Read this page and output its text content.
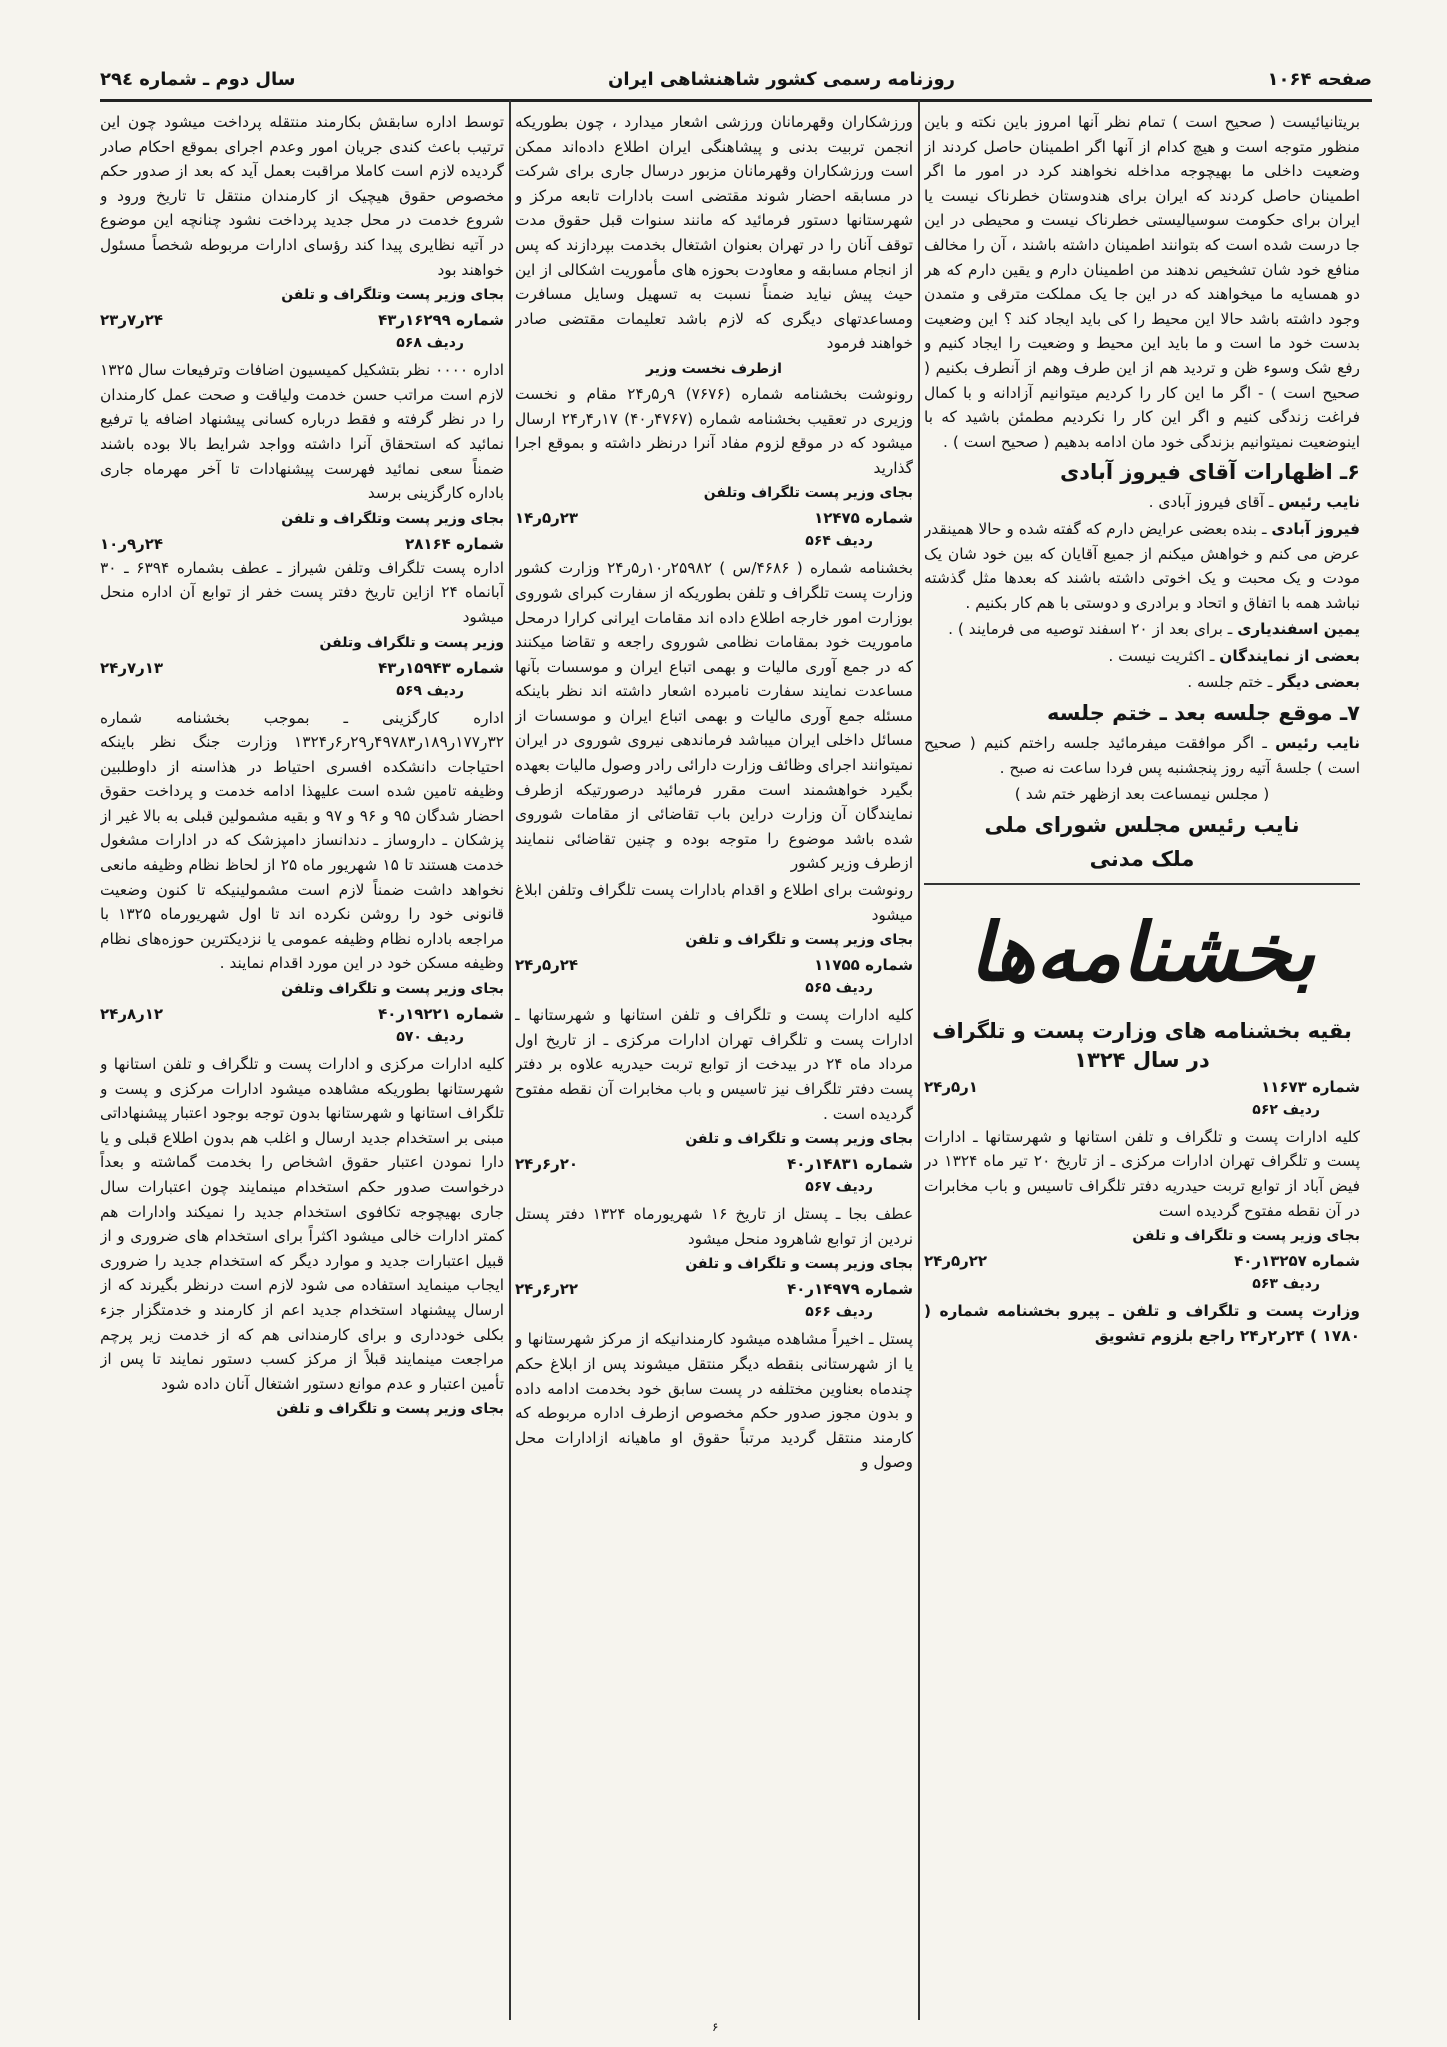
صفحه ۱۰۶۴
روزنامه رسمی کشور شاهنشاهی ایران
سال دوم ـ شماره ۲۹٤

بریتانیائیست ( صحیح است ) تمام نظر آنها امروز باین نکته و باین منظور متوجه است و هیچ کدام از آنها اگر اطمینان حاصل کردند از وضعیت داخلی ما بهیچوجه مداخله نخواهند کرد در امور ما اگر اطمینان حاصل کردند که ایران برای هندوستان خطرناک نیست یا ایران برای حکومت سوسیالیستی خطرناک نیست و محیطی در این جا درست شده است که بتوانند اطمینان داشته باشند ، آن را مخالف منافع خود شان تشخیص ندهند من اطمینان دارم و یقین دارم که هر دو همسایه ما میخواهند که در این جا یک مملکت مترقی و متمدن وجود داشته باشد حالا این محیط را کی باید ایجاد کند ؟ این وضعیت بدست خود ما است و ما باید این محیط و وضعیت را ایجاد کنیم و رفع شک وسوء ظن و تردید هم از این طرف وهم از آنطرف بکنیم ( صحیح است ) - اگر ما این کار را کردیم میتوانیم آزادانه و با کمال فراغت زندگی کنیم و اگر این کار را نکردیم مطمئن باشید که با اینوضعیت نمیتوانیم بزندگی خود مان ادامه بدهیم ( صحیح است ) .

۶ـ اظهارات آقای فیروز آبادی

نایب رئیس ـ آقای فیروز آبادی .

فیروز آبادی ـ بنده بعضی عرایض دارم که گفته شده و حالا همینقدر عرض می کنم و خواهش میکنم از جمیع آقایان که بین خود شان یک مودت و یک محبت و یک اخوتی داشته باشند که بعدها مثل گذشته نباشد همه با اتفاق و اتحاد و برادری و دوستی با هم کار بکنیم .

یمین اسفندیاری ـ برای بعد از ۲۰ اسفند توصیه می فرمایند ) .

بعضی از نمایندگان ـ اکثریت نیست .

بعضی دیگر ـ ختم جلسه .

۷ـ موقع جلسه بعد ـ ختم جلسه

نایب رئیس ـ اگر موافقت میفرمائید جلسه راختم کنیم ( صحیح است ) جلسهٔ آتیه روز پنجشنبه پس فردا ساعت نه صبح .

( مجلس نیمساعت بعد ازظهر ختم شد )

نایب رئیس مجلس شورای ملی
ملک مدنی
بخشنامه‌ها
بقیه بخشنامه های وزارت پست و تلگراف
در سال ۱۳۲۴
شماره ۱۱۶۷۳
۱ر۵ر۲۴
ردیف ۵۶۲

کلیه ادارات پست و تلگراف و تلفن استانها و شهرستانها ـ ادارات پست و تلگراف تهران ادارات مرکزی ـ از تاریخ ۲۰ تیر ماه ۱۳۲۴ در فیض آباد از توابع تربت حیدریه دفتر تلگراف تاسیس و باب مخابرات در آن نقطه مفتوح گردیده است

بجای وزیر پست و تلگراف و تلفن
شماره ۱۳۲۵۷ر۴۰
۲۲ر۵ر۲۴
ردیف ۵۶۳

وزارت پست و تلگراف و تلفن ـ پیرو بخشنامه شماره ( ۱۷۸۰ ) ۲۴ر۲ر۲۴ راجع بلزوم تشویق

ورزشکاران وقهرمانان ورزشی اشعار میدارد ، چون بطوریکه انجمن تربیت بدنی و پیشاهنگی ایران اطلاع داده‌اند ممکن است ورزشکاران وقهرمانان مزبور درسال جاری برای شرکت در مسابقه احضار شوند مقتضی است بادارات تابعه مرکز و شهرستانها دستور فرمائید که مانند سنوات قبل حقوق مدت توقف آنان را در تهران بعنوان اشتغال بخدمت بپردازند که پس از انجام مسابقه و معاودت بحوزه های مأموریت اشکالی از این حیث پیش نیاید ضمناً نسبت به تسهیل وسایل مسافرت ومساعدتهای دیگری که لازم باشد تعلیمات مقتضی صادر خواهند فرمود

ازطرف نخست وزیر

رونوشت بخشنامه شماره (۷۶۷۶) ۹ر۵ر۲۴ مقام و نخست وزیری در تعقیب بخشنامه شماره (۴۷۶۷ر۴۰) ۱۷ر۴ر۲۴ ارسال میشود که در موقع لزوم مفاد آنرا درنظر داشته و بموقع اجرا گذارید

بجای وزیر پست تلگراف وتلفن
شماره ۱۲۴۷۵
۲۳ر۵ر۱۴
ردیف ۵۶۴

بخشنامه شماره ( ۴۶۸۶/س ) ۲۵۹۸۲ر۱۰ر۵ر۲۴ وزارت کشور وزارت پست تلگراف و تلفن بطوریکه از سفارت کبرای شوروی بوزارت امور خارجه اطلاع داده اند مقامات ایرانی کرارا درمحل ماموریت خود بمقامات نظامی شوروی راجعه و تقاضا میکنند که در جمع آوری مالیات و بهمی اتباع ایران و موسسات بآنها مساعدت نمایند سفارت نامبرده اشعار داشته اند نظر باینکه مسئله جمع آوری مالیات و بهمی اتباع ایران و موسسات از مسائل داخلی ایران میباشد فرماندهی نیروی شوروی در ایران نمیتوانند اجرای وظائف وزارت دارائی رادر وصول مالیات بعهده بگیرد خواهشمند است مقرر فرمائید درصورتیکه ازطرف نمایندگان آن وزارت دراین باب تقاضائی از مقامات شوروی شده باشد موضوع را متوجه بوده و چنین تقاضائی ننمایند ازطرف وزیر کشور

رونوشت برای اطلاع و اقدام بادارات پست تلگراف وتلفن ابلاغ میشود

بجای وزیر پست و تلگراف و تلفن
شماره ۱۱۷۵۵
۲۴ر۵ر۲۴
ردیف ۵۶۵

کلیه ادارات پست و تلگراف و تلفن استانها و شهرستانها ـ ادارات پست و تلگراف تهران ادارات مرکزی ـ از تاریخ اول مرداد ماه ۲۴ در بیدخت از توابع تربت حیدریه علاوه بر دفتر پست دفتر تلگراف نیز تاسیس و باب مخابرات آن نقطه مفتوح گردیده است .

بجای وزیر پست و تلگراف و تلفن
شماره ۱۴۸۳۱ر۴۰
۲۰ر۶ر۲۴
ردیف ۵۶۷

عطف بجا ـ پستل از تاریخ ۱۶ شهریورماه ۱۳۲۴ دفتر پستل نردین از توابع شاهرود منحل میشود

بجای وزیر پست و تلگراف و تلفن
شماره ۱۴۹۷۹ر۴۰
۲۲ر۶ر۲۴
ردیف ۵۶۶

پستل ـ اخیراً مشاهده میشود کارمندانیکه از مرکز شهرستانها و یا از شهرستانی بنقطه دیگر منتقل میشوند پس از ابلاغ حکم چندماه بعناوین مختلفه در پست سابق خود بخدمت ادامه داده و بدون مجوز صدور حکم مخصوص ازطرف اداره مربوطه که کارمند منتقل گردید مرتباً حقوق او ماهیانه ازادارات محل وصول و

توسط اداره سابقش بکارمند منتقله پرداخت میشود چون این ترتیب باعث کندی جریان امور وعدم اجرای بموقع احکام صادر گردیده لازم است کاملا مراقبت بعمل آید که بعد از صدور حکم مخصوص حقوق هیچیک از کارمندان منتقل تا تاریخ ورود و شروع خدمت در محل جدید پرداخت نشود چنانچه این موضوع در آتیه نظایری پیدا کند رؤسای ادارات مربوطه شخصاً مسئول خواهند بود

بجای وزیر پست وتلگراف و تلفن
شماره ۱۶۲۹۹ر۴۳
۲۴ر۷ر۲۳
ردیف ۵۶۸

اداره ۰۰۰۰ نظر بتشکیل کمیسیون اضافات وترفیعات سال ۱۳۲۵ لازم است مراتب حسن خدمت ولیاقت و صحت عمل کارمندان را در نظر گرفته و فقط درباره کسانی پیشنهاد اضافه یا ترفیع نمائید که استحقاق آنرا داشته وواجد شرایط بالا بوده باشند ضمناً سعی نمائید فهرست پیشنهادات تا آخر مهرماه جاری باداره کارگزینی برسد

بجای وزیر پست وتلگراف و تلفن
شماره ۲۸۱۶۴
۲۴ر۹ر۱۰

اداره پست تلگراف وتلفن شیراز ـ عطف بشماره ۶۳۹۴ ـ ۳۰ آبانماه ۲۴ ازاین تاریخ دفتر پست خفر از توابع آن اداره منحل میشود

وزیر پست و تلگراف وتلفن
شماره ۱۵۹۴۳ر۴۳
۱۳ر۷ر۲۴
ردیف ۵۶۹

اداره کارگزینی ـ بموجب بخشنامه شماره ۳۲ر۱۷۷ر۱۸۹ر۴۹۷۸۳ر۲۹ر۶ر۱۳۲۴ وزارت جنگ نظر باینکه احتیاجات دانشکده افسری احتیاط در هذاسنه از داوطلبین وظیفه تامین شده است علیهذا ادامه خدمت و پرداخت حقوق احضار شدگان ۹۵ و ۹۶ و ۹۷ و بقیه مشمولین قبلی به بالا غیر از پزشکان ـ داروساز ـ دندانساز دامپزشک که در ادارات مشغول خدمت هستند تا ۱۵ شهریور ماه ۲۵ از لحاظ نظام وظیفه مانعی نخواهد داشت ضمناً لازم است مشمولینیکه تا کنون وضعیت قانونی خود را روشن نکرده اند تا اول شهریورماه ۱۳۲۵ با مراجعه باداره نظام وظیفه عمومی یا نزدیکترین حوزه‌های نظام وظیفه مسکن خود در این مورد اقدام نمایند .

بجای وزیر پست و تلگراف وتلفن
شماره ۱۹۲۲۱ر۴۰
۱۲ر۸ر۲۴
ردیف ۵۷۰

کلیه ادارات مرکزی و ادارات پست و تلگراف و تلفن استانها و شهرستانها بطوریکه مشاهده میشود ادارات مرکزی و پست و تلگراف استانها و شهرستانها بدون توجه بوجود اعتبار پیشنهاداتی مبنی بر استخدام جدید ارسال و اغلب هم بدون اطلاع قبلی و یا دارا نمودن اعتبار حقوق اشخاص را بخدمت گماشته و بعداً درخواست صدور حکم استخدام مینمایند چون اعتبارات سال جاری بهیچوجه تکافوی استخدام جدید را نمیکند وادارات هم کمتر ادارات خالی میشود اکثراً برای استخدام های ضروری و از قبیل اعتبارات جدید و موارد دیگر که استخدام جدید را ضروری ایجاب مینماید استفاده می شود لازم است درنظر بگیرند که از ارسال پیشنهاد استخدام جدید اعم از کارمند و خدمتگزار جزء بکلی خودداری و برای کارمندانی هم که از خدمت زیر پرچم مراجعت مینمایند قبلاً از مرکز کسب دستور نمایند تا پس از تأمین اعتبار و عدم موانع دستور اشتغال آنان داده شود

بجای وزیر پست و تلگراف و تلفن
۶
